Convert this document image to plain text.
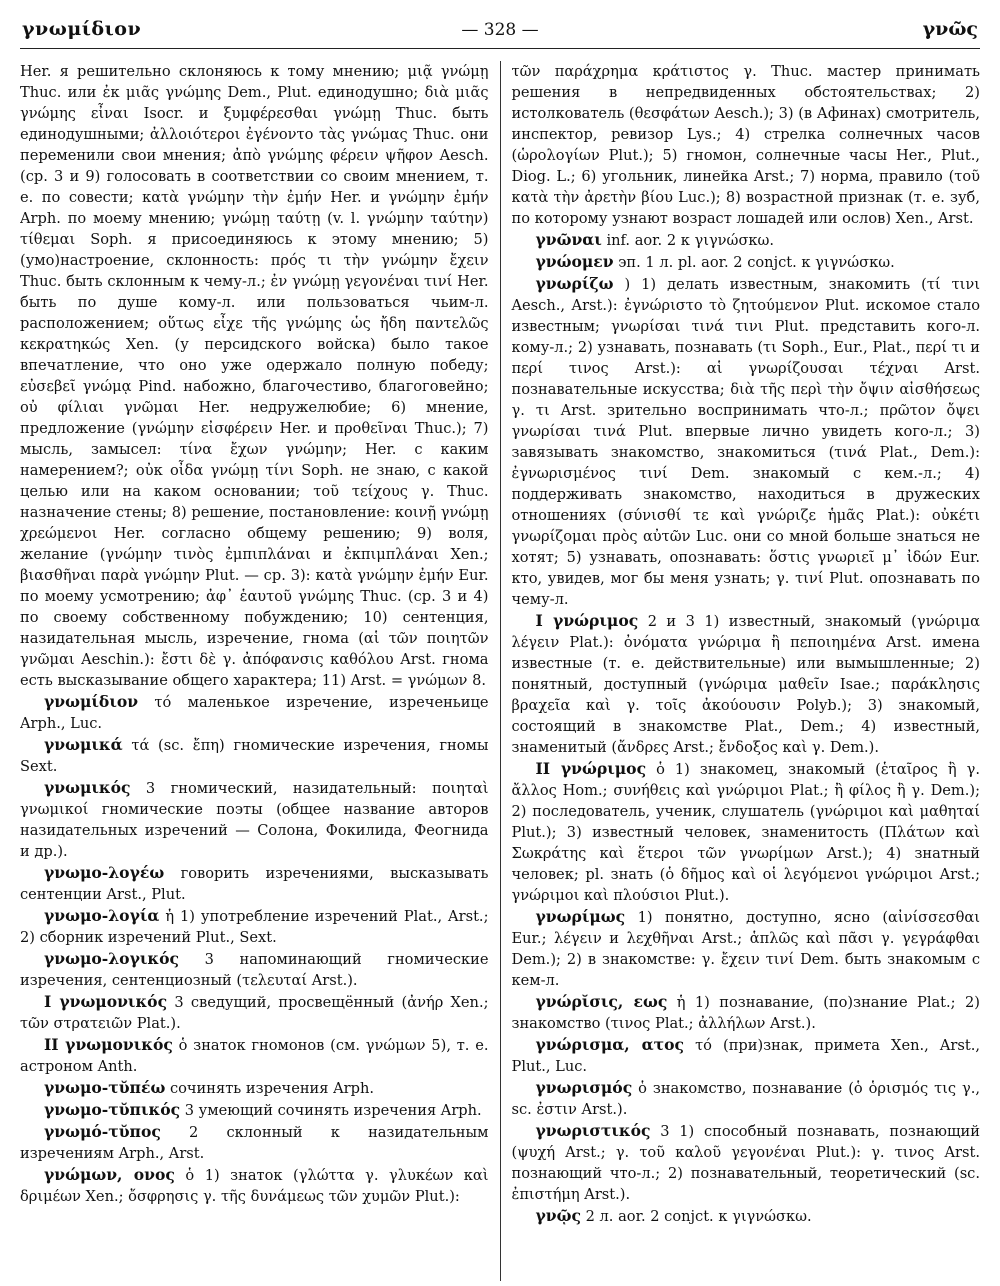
γνωμίδιον	— 328 —	γνῶς

Her. я решительно склоняюсь к тому мнению; μιᾷ γνώμῃ Thuc. или ἐκ μιᾶς γνώμης Dem., Plut. единодушно; διὰ μιᾶς γνώμης εἶναι Isocr. и ξυμφέρεσθαι γνώμῃ Thuc. быть единодушными; ἀλλοιότεροι ἐγένοντο τὰς γνώμας Thuc. они переменили свои мнения; ἀπὸ γνώμης φέρειν ψῆφον Aesch. (ср. 3 и 9) голосовать в соответствии со своим мнением, т. е. по совести; κατὰ γνώμην τὴν ἐμήν Her. и γνώμην ἐμήν Arph. по моему мнению; γνώμῃ ταύτῃ (v. l. γνώμην ταύτην) τίθεμαι Soph. я присоединяюсь к этому мнению; 5) (умо)настроение, склонность: πρός τι τὴν γνώμην ἔχειν Thuc. быть склонным к чему-л.; ἐν γνώμῃ γεγονέναι τινί Her. быть по душе кому-л. или пользоваться чьим-л. расположением; οὕτως εἶχε τῆς γνώμης ὡς ἤδη παντελῶς κεκρατηκώς Xen. (у персидского войска) было такое впечатление, что оно уже одержало полную победу; εὐσεβεῖ γνώμᾳ Pind. набожно, благочестиво, благоговейно; οὐ φίλιαι γνῶμαι Her. недружелюбие; 6) мнение, предложение (γνώμην εἰσφέρειν Her. и προθεῖναι Thuc.); 7) мысль, замысел: τίνα ἔχων γνώμην; Her. с каким намерением?; οὐκ οἶδα γνώμῃ τίνι Soph. не знаю, с какой целью или на каком основании; τοῦ τείχους γ. Thuc. назначение стены; 8) решение, постановление: κοινῇ γνώμῃ χρεώμενοι Her. согласно общему решению; 9) воля, желание (γνώμην τινὸς ἐμπιπλάναι и ἐκπιμπλάναι Xen.; βιασθῆναι παρὰ γνώμην Plut. — ср. 3): κατὰ γνώμην ἐμήν Eur. по моему усмотрению; ἀφ᾽ ἑαυτοῦ γνώμης Thuc. (ср. 3 и 4) по своему собственному побуждению; 10) сентенция, назидательная мысль, изречение, гнома (αἱ τῶν ποιητῶν γνῶμαι Aeschin.): ἔστι δὲ γ. ἀπόφανσις καθόλου Arst. гнома есть высказывание общего характера; 11) Arst. = γνώμων 8.

γνωμίδιον τό маленькое изречение, изреченьице Arph., Luc.

γνωμικά τά (sc. ἔπη) гномические изречения, гномы Sext.

γνωμικός 3 гномический, назидательный: ποιηταὶ γνωμικοί гномические поэты (общее название авторов назидательных изречений — Солона, Фокилида, Феогнида и др.).

γνωμο-λογέω говорить изречениями, высказывать сентенции Arst., Plut.

γνωμο-λογία ἡ 1) употребление изречений Plat., Arst.; 2) сборник изречений Plut., Sext.

γνωμο-λογικός 3 напоминающий гномические изречения, сентенциозный (τελευταί Arst.).

I γνωμονικός 3 сведущий, просвещённый (ἀνήρ Xen.; τῶν στρατειῶν Plat.).

II γνωμονικός ὁ знаток гномонов (см. γνώμων 5), т. е. астроном Anth.

γνωμο-τῠπέω сочинять изречения Arph.

γνωμο-τῠπικός 3 умеющий сочинять изречения Arph.

γνωμό-τῠπος 2 склонный к назидательным изречениям Arph., Arst.

γνώμων, ονος ὁ 1) знаток (γλώττα γ. γλυκέων καὶ δριμέων Xen.; ὄσφρησις γ. τῆς δυνάμεως τῶν χυμῶν Plut.):

τῶν παράχρημα κράτιστος γ. Thuc. мастер принимать решения в непредвиденных обстоятельствах; 2) истолкователь (θεσφάτων Aesch.); 3) (в Афинах) смотритель, инспектор, ревизор Lys.; 4) стрелка солнечных часов (ὡρολογίων Plut.); 5) гномон, солнечные часы Her., Plut., Diog. L.; 6) угольник, линейка Arst.; 7) норма, правило (τοῦ κατὰ τὴν ἀρετὴν βίου Luc.); 8) возрастной признак (т. е. зуб, по которому узнают возраст лошадей или ослов) Xen., Arst.

γνῶναι inf. aor. 2 к γιγνώσκω.

γνώομεν эп. 1 л. pl. aor. 2 conjct. к γιγνώσκω.

γνωρίζω ) 1) делать известным, знакомить (τί τινι Aesch., Arst.): ἐγνώριστο τὸ ζητούμενον Plut. искомое стало известным; γνωρίσαι τινά τινι Plut. представить кого-л. кому-л.; 2) узнавать, познавать (τι Soph., Eur., Plat., περί τι и περί τινος Arst.): αἱ γνωρίζουσαι τέχναι Arst. познавательные искусства; διὰ τῆς περὶ τὴν ὄψιν αἰσθήσεως γ. τι Arst. зрительно воспринимать что-л.; πρῶτον ὄψει γνωρίσαι τινά Plut. впервые лично увидеть кого-л.; 3) завязывать знакомство, знакомиться (τινά Plat., Dem.): ἐγνωρισμένος τινί Dem. знакомый с кем.-л.; 4) поддерживать знакомство, находиться в дружеских отношениях (σύνισθί τε καὶ γνώριζε ἡμᾶς Plat.): οὐκέτι γνωρίζομαι πρὸς αὐτῶν Luc. они со мной больше знаться не хотят; 5) узнавать, опознавать: ὅστις γνωριεῖ μ᾽ ἰδών Eur. кто, увидев, мог бы меня узнать; γ. τινί Plut. опознавать по чему-л.

I γνώριμος 2 и 3 1) известный, знакомый (γνώριμα λέγειν Plat.): ὀνόματα γνώριμα ἢ πεποιημένα Arst. имена известные (т. е. действительные) или вымышленные; 2) понятный, доступный (γνώριμα μαθεῖν Isae.; παράκλησις βραχεῖα καὶ γ. τοῖς ἀκούουσιν Polyb.); 3) знакомый, состоящий в знакомстве Plat., Dem.; 4) известный, знаменитый (ἄνδρες Arst.; ἔνδοξος καὶ γ. Dem.).

II γνώριμος ὁ 1) знакомец, знакомый (ἑταῖρος ἢ γ. ἄλλος Hom.; συνήθεις καὶ γνώριμοι Plat.; ἢ φίλος ἢ γ. Dem.); 2) последователь, ученик, слушатель (γνώριμοι καὶ μαθηταί Plut.); 3) известный человек, знаменитость (Πλάτων καὶ Σωκράτης καὶ ἕτεροι τῶν γνωρίμων Arst.); 4) знатный человек; pl. знать (ὁ δῆμος καὶ οἱ λεγόμενοι γνώριμοι Arst.; γνώριμοι καὶ πλούσιοι Plut.).

γνωρίμως 1) понятно, доступно, ясно (αἰνίσσεσθαι Eur.; λέγειν и λεχθῆναι Arst.; ἁπλῶς καὶ πᾶσι γ. γεγράφθαι Dem.); 2) в знакомстве: γ. ἔχειν τινί Dem. быть знакомым с кем-л.

γνώρῐσις, εως ἡ 1) познавание, (по)знание Plat.; 2) знакомство (τινος Plat.; ἀλλήλων Arst.).

γνώρισμα, ατος τό (при)знак, примета Xen., Arst., Plut., Luc.

γνωρισμός ὁ знакомство, познавание (ὁ ὁρισμός τις γ., sc. ἐστιν Arst.).

γνωριστικός 3 1) способный познавать, познающий (ψυχή Arst.; γ. τοῦ καλοῦ γεγονέναι Plut.): γ. τινος Arst. познающий что-л.; 2) познавательный, теоретический (sc. ἐπιστήμη Arst.).

γνῷς 2 л. aor. 2 conjct. к γιγνώσκω.
